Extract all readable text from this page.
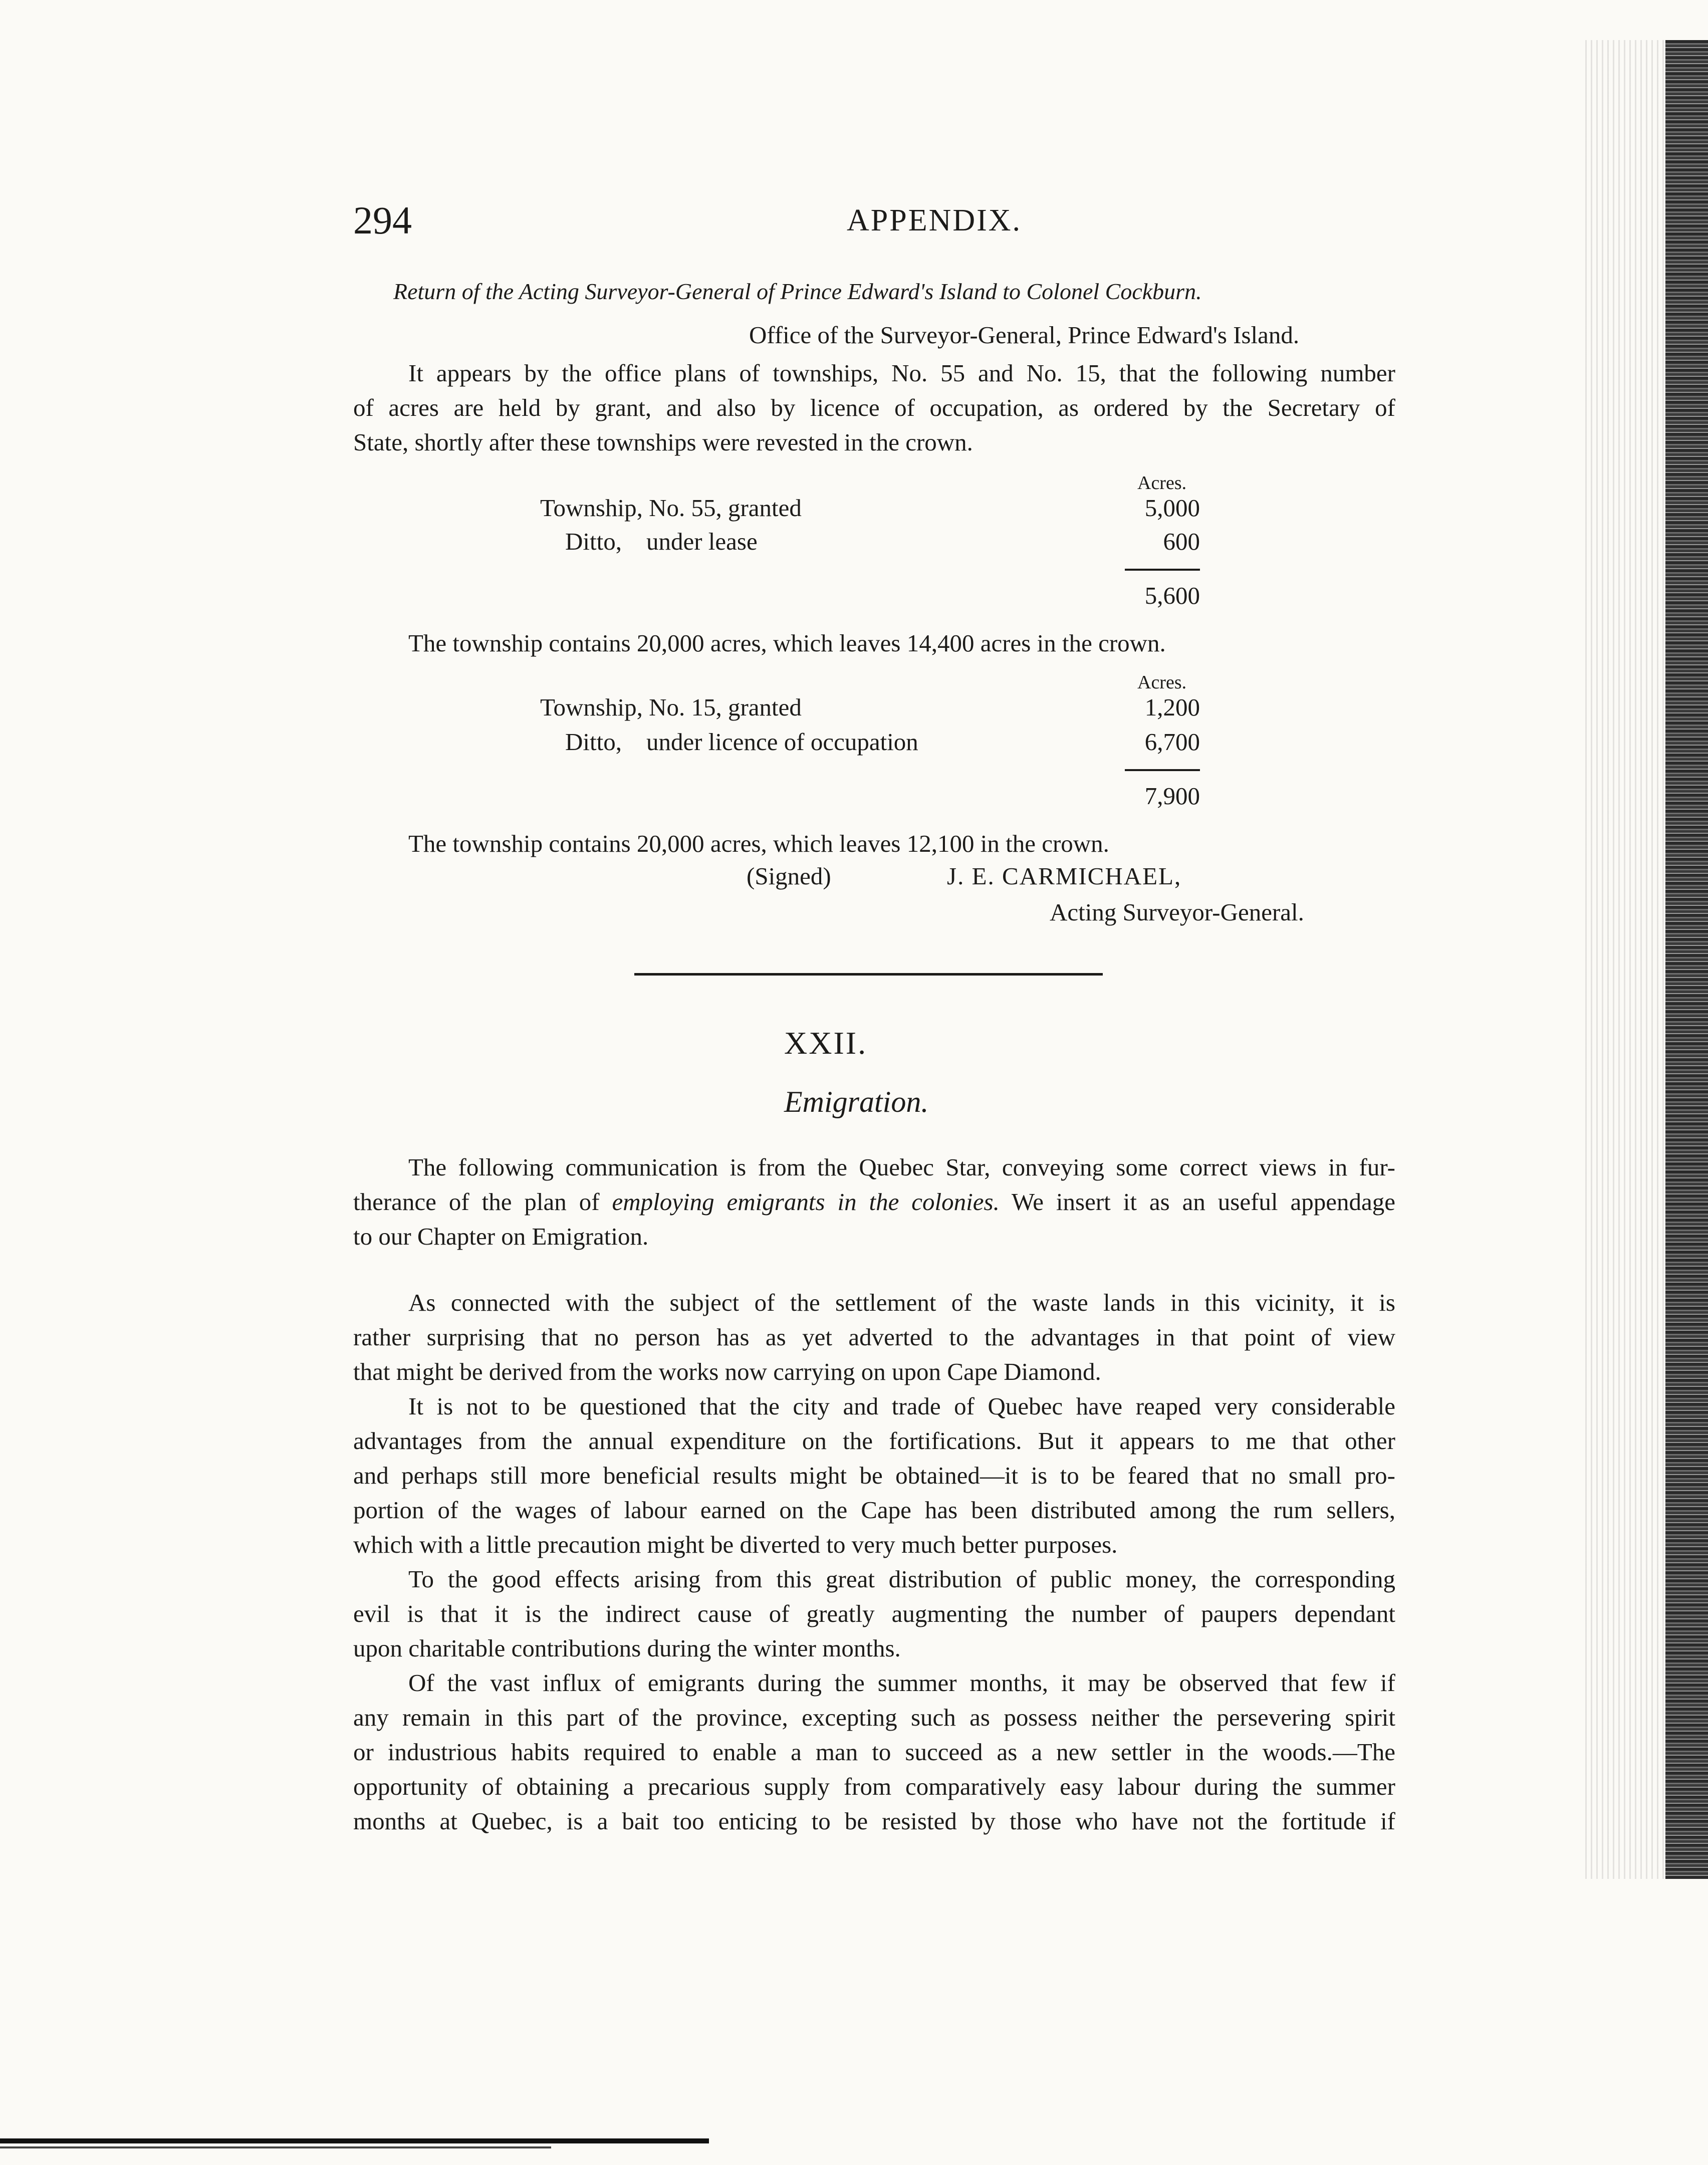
294	APPENDIX.
Return of the Acting Surveyor-General of Prince Edward's Island to Colonel Cockburn.
Office of the Surveyor-General, Prince Edward's Island.
It appears by the office plans of townships, No. 55 and No. 15, that the following number
of acres are held by grant, and also by licence of occupation, as ordered by the Secretary of
State, shortly after these townships were revested in the crown.
Acres.
Township, No. 55, granted	5,000
Ditto,    under lease	600
5,600
The township contains 20,000 acres, which leaves 14,400 acres in the crown.
Acres.
Township, No. 15, granted	1,200
Ditto,    under licence of occupation	6,700
7,900
The township contains 20,000 acres, which leaves 12,100 in the crown.
(Signed)	J. E. CARMICHAEL,
Acting Surveyor-General.
XXII.
Emigration.
The following communication is from the Quebec Star, conveying some correct views in fur-
therance of the plan of employing emigrants in the colonies. We insert it as an useful appendage
to our Chapter on Emigration.
As connected with the subject of the settlement of the waste lands in this vicinity, it is
rather surprising that no person has as yet adverted to the advantages in that point of view
that might be derived from the works now carrying on upon Cape Diamond.
It is not to be questioned that the city and trade of Quebec have reaped very considerable
advantages from the annual expenditure on the fortifications. But it appears to me that other
and perhaps still more beneficial results might be obtained—it is to be feared that no small pro-
portion of the wages of labour earned on the Cape has been distributed among the rum sellers,
which with a little precaution might be diverted to very much better purposes.
To the good effects arising from this great distribution of public money, the corresponding
evil is that it is the indirect cause of greatly augmenting the number of paupers dependant
upon charitable contributions during the winter months.
Of the vast influx of emigrants during the summer months, it may be observed that few if
any remain in this part of the province, excepting such as possess neither the persevering spirit
or industrious habits required to enable a man to succeed as a new settler in the woods.—The
opportunity of obtaining a precarious supply from comparatively easy labour during the summer
months at Quebec, is a bait too enticing to be resisted by those who have not the fortitude if
